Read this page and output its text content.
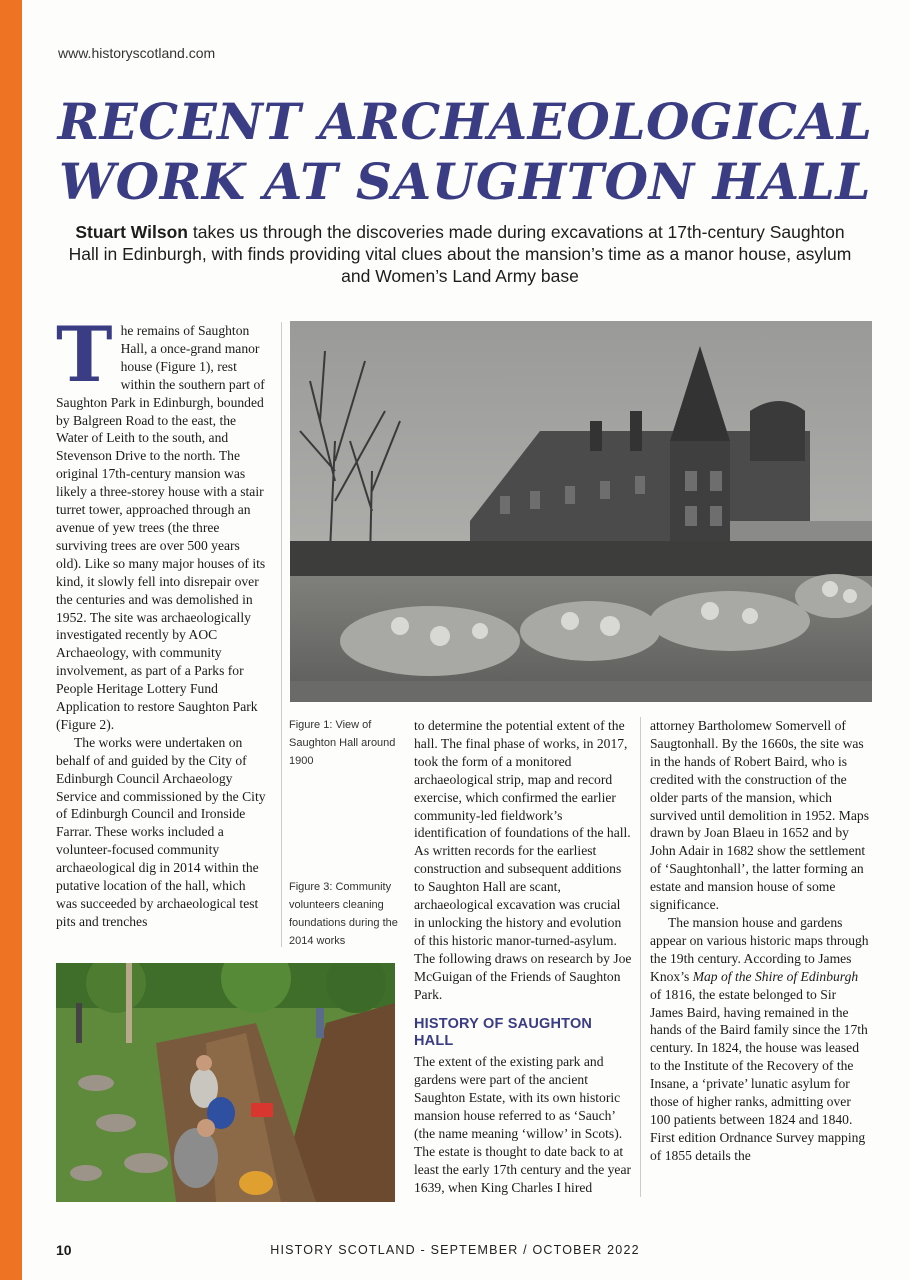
www.historyscotland.com
RECENT ARCHAEOLOGICAL
WORK AT SAUGHTON HALL
Stuart Wilson takes us through the discoveries made during excavations at 17th-century Saughton Hall in Edinburgh, with finds providing vital clues about the mansion’s time as a manor house, asylum and Women’s Land Army base

The remains of Saughton Hall, a once-grand manor house (Figure 1), rest within the southern part of Saughton Park in Edinburgh, bounded by Balgreen Road to the east, the Water of Leith to the south, and Stevenson Drive to the north. The original 17th-century mansion was likely a three-storey house with a stair turret tower, approached through an avenue of yew trees (the three surviving trees are over 500 years old). Like so many major houses of its kind, it slowly fell into disrepair over the centuries and was demolished in 1952. The site was archaeologically investigated recently by AOC Archaeology, with community involvement, as part of a Parks for People Heritage Lottery Fund Application to restore Saughton Park (Figure 2).

The works were undertaken on behalf of and guided by the City of Edinburgh Council Archaeology Service and commissioned by the City of Edinburgh Council and Ironside Farrar. These works included a volunteer-focused community archaeological dig in 2014 within the putative location of the hall, which was succeeded by archaeological test pits and trenches

Figure 1: View of Saughton Hall around 1900
Figure 3: Community volunteers cleaning foundations during the 2014 works

to determine the potential extent of the hall. The final phase of works, in 2017, took the form of a monitored archaeological strip, map and record exercise, which confirmed the earlier community-led fieldwork’s identification of foundations of the hall. As written records for the earliest construction and subsequent additions to Saughton Hall are scant, archaeological excavation was crucial in unlocking the history and evolution of this historic manor-turned-asylum. The following draws on research by Joe McGuigan of the Friends of Saughton Park.

HISTORY OF SAUGHTON HALL

The extent of the existing park and gardens were part of the ancient Saughton Estate, with its own historic mansion house referred to as ‘Sauch’ (the name meaning ‘willow’ in Scots). The estate is thought to date back to at least the early 17th century and the year 1639, when King Charles I hired

attorney Bartholomew Somervell of Saugtonhall. By the 1660s, the site was in the hands of Robert Baird, who is credited with the construction of the older parts of the mansion, which survived until demolition in 1952. Maps drawn by Joan Blaeu in 1652 and by John Adair in 1682 show the settlement of ‘Saughtonhall’, the latter forming an estate and mansion house of some significance.

The mansion house and gardens appear on various historic maps through the 19th century. According to James Knox’s Map of the Shire of Edinburgh of 1816, the estate belonged to Sir James Baird, having remained in the hands of the Baird family since the 17th century. In 1824, the house was leased to the Institute of the Recovery of the Insane, a ‘private’ lunatic asylum for those of higher ranks, admitting over 100 patients between 1824 and 1840. First edition Ordnance Survey mapping of 1855 details the

10	HISTORY SCOTLAND - SEPTEMBER / OCTOBER 2022
